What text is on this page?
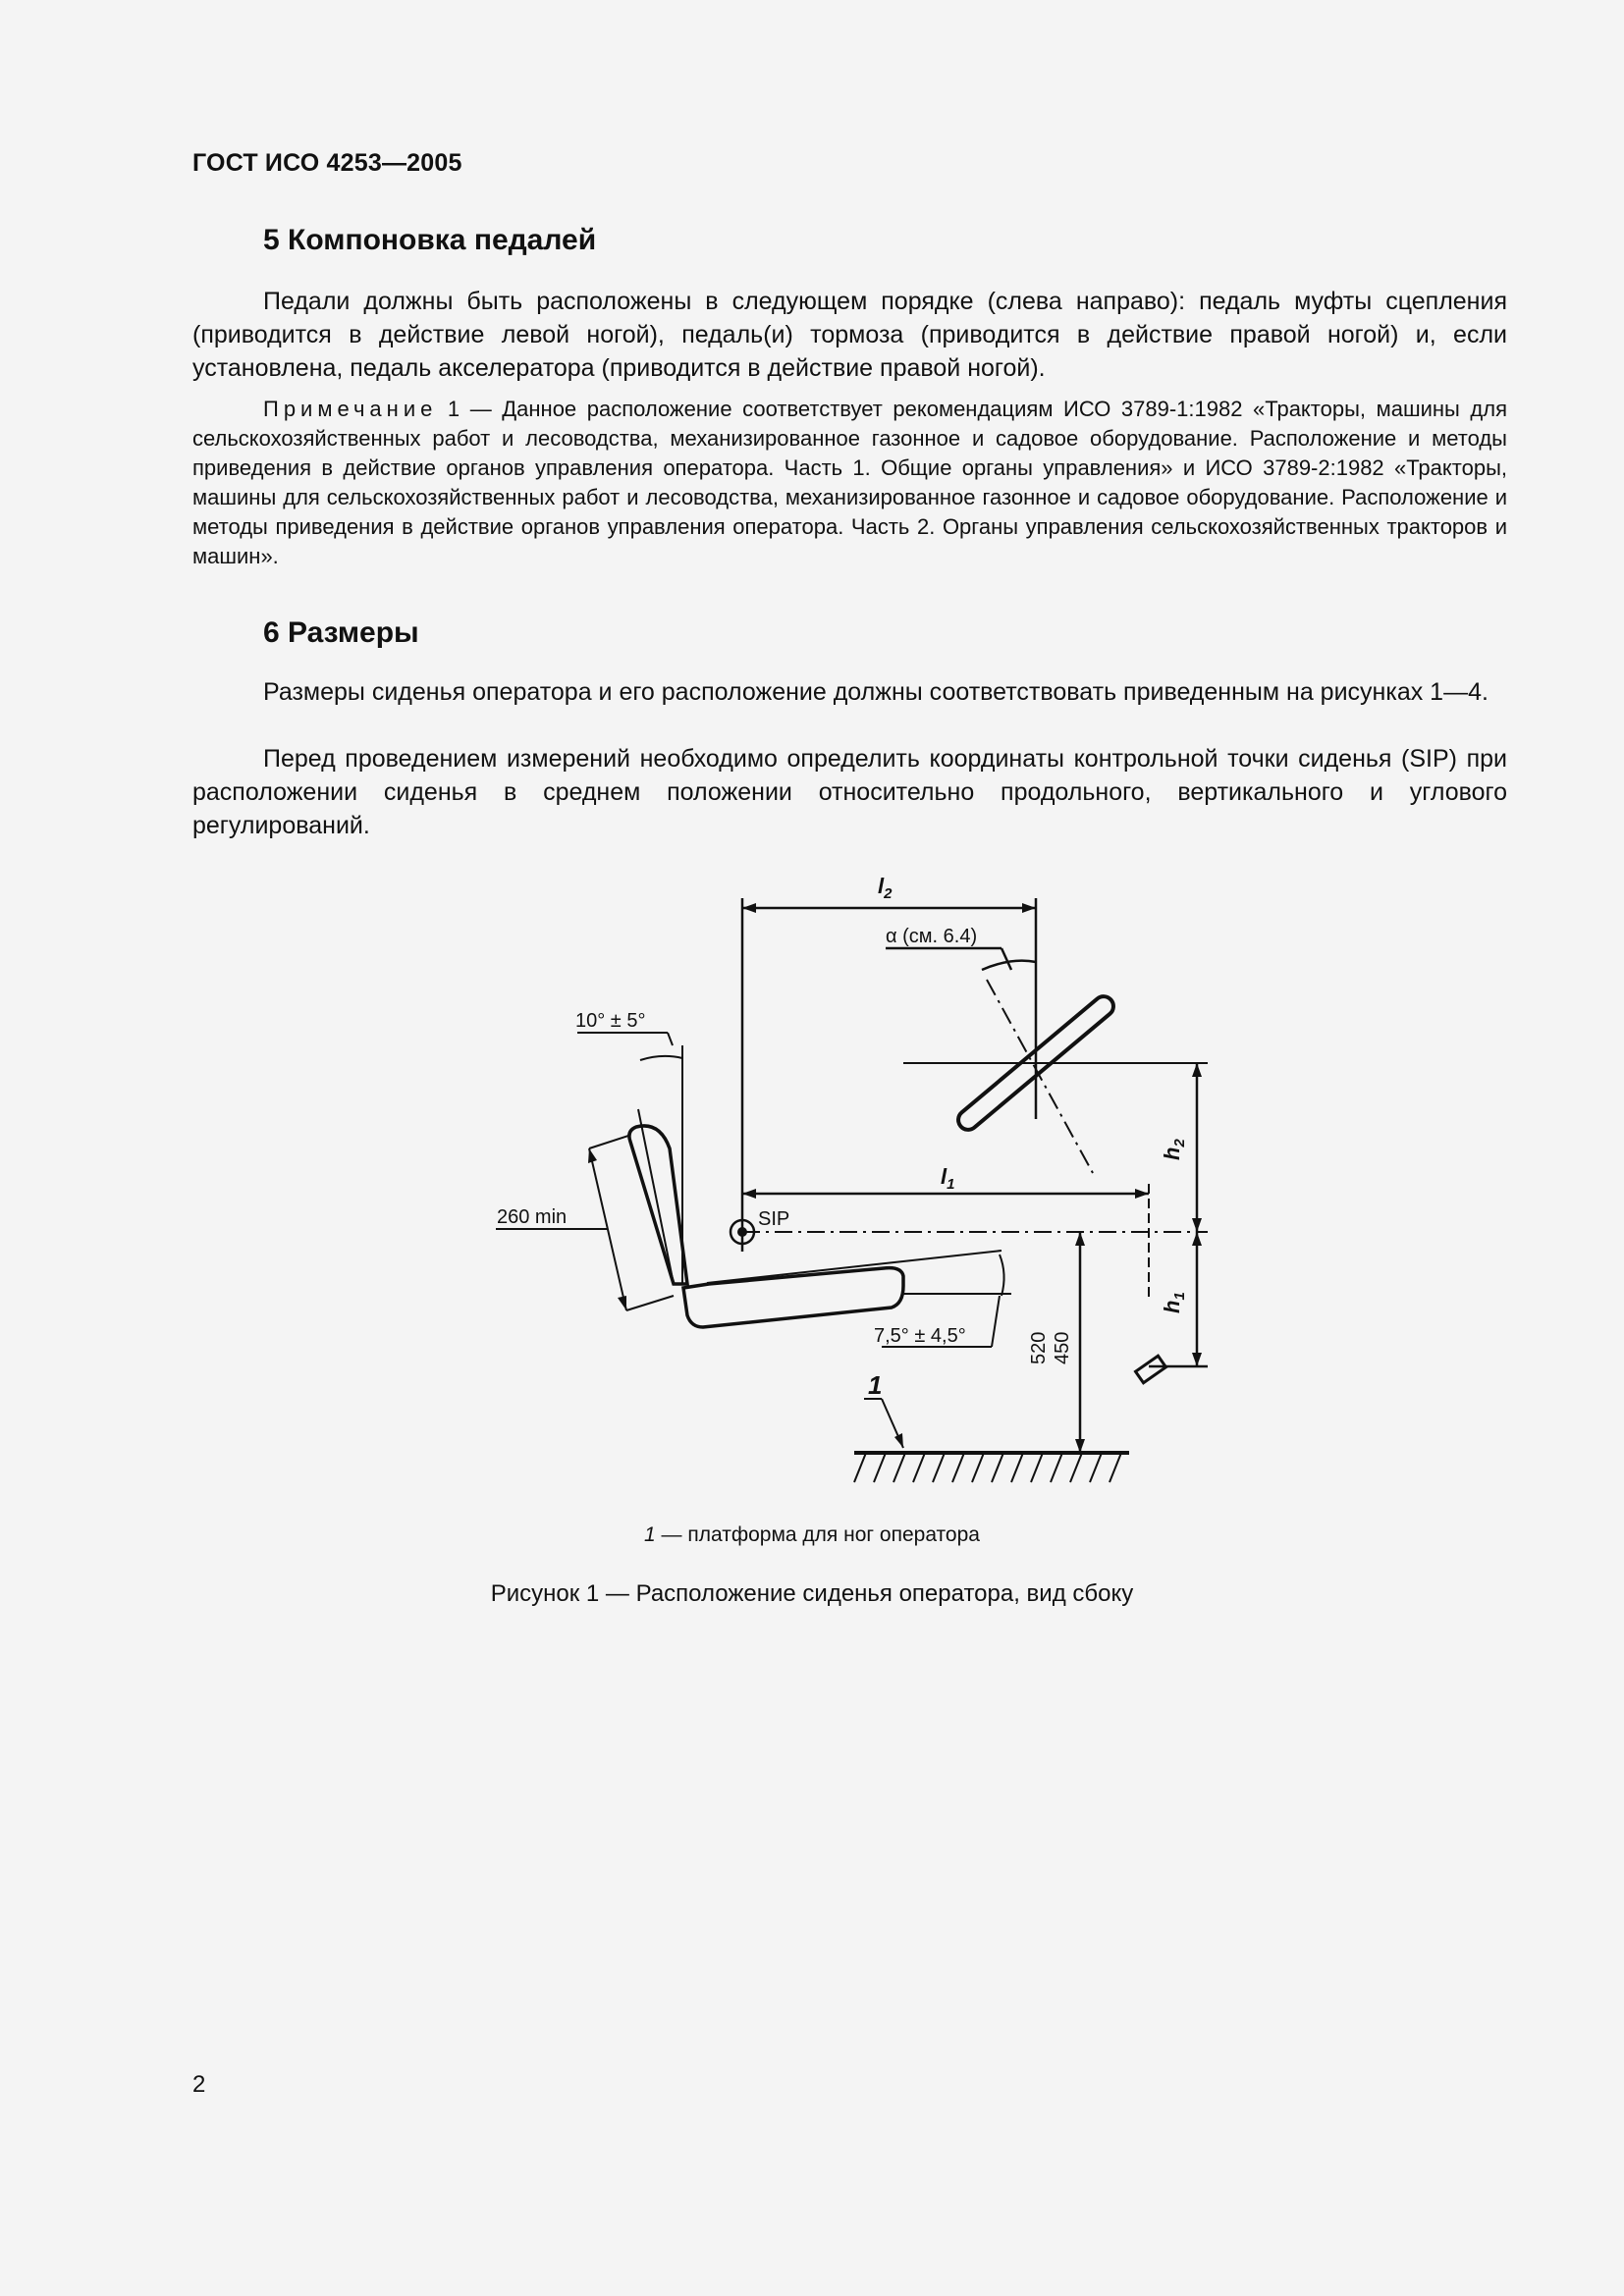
ГОСТ ИСО 4253—2005
5 Компоновка педалей

Педали должны быть расположены в следующем порядке (слева направо): педаль муфты сцепления (приводится в действие левой ногой), педаль(и) тормоза (приводится в действие правой ногой) и, если установлена, педаль акселератора (приводится в действие правой ногой).

Примечание 1 — Данное расположение соответствует рекомендациям ИСО 3789-1:1982 «Тракторы, машины для сельскохозяйственных работ и лесоводства, механизированное газонное и садовое оборудование. Расположение и методы приведения в действие органов управления оператора. Часть 1. Общие органы управления» и ИСО 3789-2:1982 «Тракторы, машины для сельскохозяйственных работ и лесоводства, механизированное газонное и садовое оборудование. Расположение и методы приведения в действие органов управления оператора. Часть 2. Органы управления сельскохозяйственных тракторов и машин».

6 Размеры

Размеры сиденья оператора и его расположение должны соответствовать приведенным на рисунках 1—4.

Перед проведением измерений необходимо определить координаты контрольной точки сиденья (SIP) при расположении сиденья в среднем положении относительно продольного, вертикального и углового регулирований.

$l_2$
α (см. 6.4)
10° ± 5°
260 min	SIP
$l_1$
$h_2$
$h_1$
7,5° ± 4,5°	520 450
1
1 — платформа для ног оператора
Рисунок 1 — Расположение сиденья оператора, вид сбоку
2
